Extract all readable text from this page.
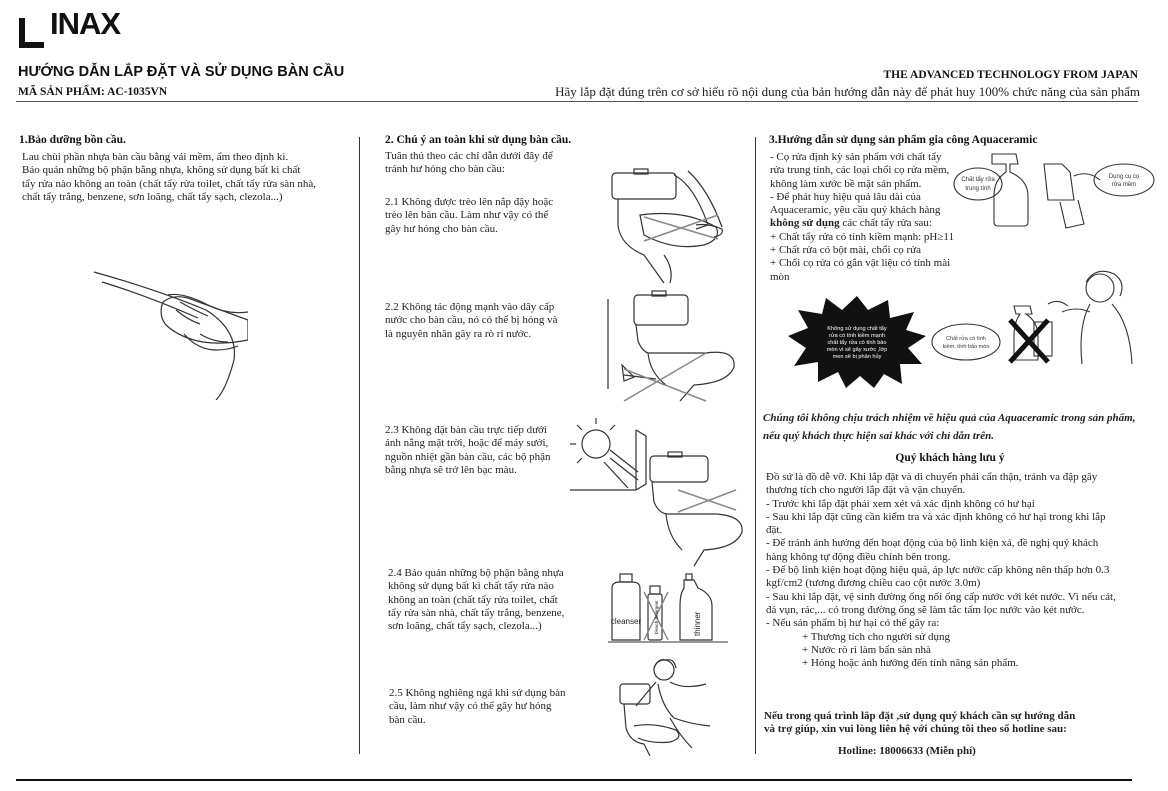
INAX
HƯỚNG DẪN LẮP ĐẶT VÀ SỬ DỤNG BÀN CẦU
MÃ SẢN PHẨM: AC-1035VN
THE ADVANCED TECHNOLOGY FROM JAPAN
Hãy lắp đặt đúng trên cơ sở hiểu rõ nội dung của bản hướng dẫn này để phát huy 100% chức năng của sản phẩm
1.Bảo dưỡng bồn cầu.
Lau chùi phần nhựa bàn cầu bằng vải mềm, ẩm theo định kì.
Bảo quản những bộ phận bằng nhựa, không sử dụng bất kì chất
tẩy rửa nào không an toàn (chất tẩy rửa toilet, chất tẩy rửa sàn nhà,
chất tẩy trắng, benzene, sơn loãng, chất tẩy sạch, clezola...)
2. Chú ý an toàn khi sử dụng bàn cầu.
Tuân thủ theo các chỉ dẫn dưới đây để
tránh hư hỏng cho bàn cầu:
2.1 Không được trèo lên nắp đậy hoặc
trèo lên bàn cầu. Làm như vậy có thể
gây hư hỏng cho bàn cầu.
2.2 Không tác động mạnh vào dây cấp
nước cho bàn cầu, nó có thể bị hỏng và
là nguyên nhân gây ra rò rỉ nước.
2.3 Không đặt bàn cầu trực tiếp dưới
ánh nắng mặt trời, hoặc để máy sưởi,
nguồn nhiệt gần bàn cầu, các bộ phận
bằng nhựa sẽ trở lên bạc màu.
2.4 Bảo quản những bộ phận bằng nhựa
không sử dụng bất kì chất tẩy rửa nào
không an toàn (chất tẩy rửa toilet, chất
tẩy rửa sàn nhà, chất tẩy trắng, benzene,
sơn loãng, chất tẩy sạch, clezola...)	cleanser	bleach detergent	thinner
2.5 Không nghiêng ngả khi sử dụng bàn
cầu, làm như vậy có thể gây hư hỏng
bàn cầu.
3.Hướng dẫn sử dụng sản phẩm gia công Aquaceramic
- Cọ rửa định kỳ sản phẩm với chất tẩy
rửa trung tính, các loại chổi cọ rửa mềm,
không làm xước bề mặt sản phẩm.
- Để phát huy hiệu quả lâu dài của
Aquaceramic, yêu cầu quý khách hàng
không sử dụng các chất tẩy rửa sau:
+ Chất tẩy rửa có tính kiềm mạnh: pH≥11
+ Chất rửa có bột mài, chổi cọ rửa
+ Chổi cọ rửa có gắn vật liệu có tính mài
mòn
Chất tẩy rửa
trung tính
Dụng cụ cọ
rửa mềm
Không sử dụng chất tẩy
rửa có tính kiềm mạnh
chất tẩy rửa có tính bào
mòn vì sẽ gây xước ,lớp
men sẽ bị phân hủy
Chất rửa có tính
kiềm, tính bào mòn
Chúng tôi không chịu trách nhiệm về hiệu quả của Aquaceramic trong sản phẩm,
nếu quý khách thực hiện sai khác với chỉ dẫn trên.
Quý khách hàng lưu ý
Đồ sứ là đồ dễ vỡ. Khi lắp đặt và di chuyển phải cẩn thận, tránh va đập gây
thương tích cho người lắp đặt và vận chuyển.
- Trước khi lắp đặt phải xem xét và xác định không có hư hại
- Sau khi lắp đặt cũng cần kiểm tra và xác định không có hư hại trong khi lắp
đặt.
- Để tránh ảnh hưởng đến hoạt động của bộ linh kiện xả, đề nghị quý khách
hàng không tự động điều chỉnh bên trong.
- Để bộ linh kiện hoạt động hiệu quả, áp lực nước cấp không nên thấp hơn 0.3
kgf/cm2 (tương đương chiều cao cột nước 3.0m)
- Sau khi lắp đặt, vệ sinh đường ống nối ống cấp nước với két nước. Vì nếu cát,
đá vụn, rác,... có trong đường ống sẽ làm tắc tấm lọc nước vào két nước.
- Nếu sản phẩm bị hư hại có thể gây ra:
+ Thương tích cho người sử dụng
+ Nước rò rỉ làm bẩn sàn nhà
+ Hỏng hoặc ảnh hưởng đến tính năng sản phẩm.
Nếu trong quá trình lắp đặt ,sử dụng quý khách cần sự hướng dẫn
và trợ giúp, xin vui lòng liên hệ với chúng tôi theo số hotline sau:
Hotline: 18006633 (Miễn phí)
